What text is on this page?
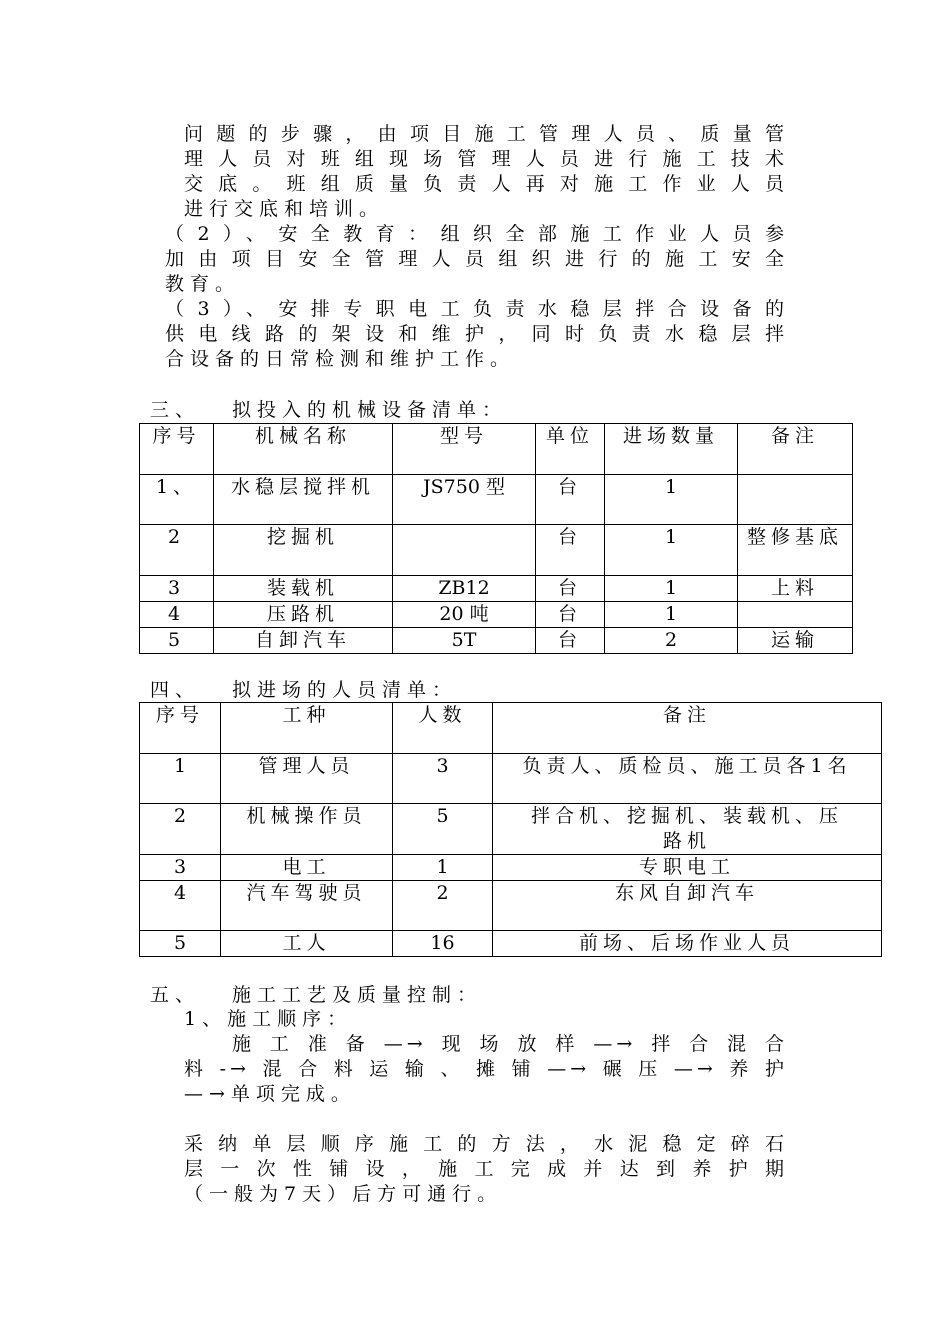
问题的步骤，由项目施工管理人员、质量管
理人员对班组现场管理人员进行施工技术
交底。班组质量负责人再对施工作业人员
进行交底和培训。
（2）、安全教育：组织全部施工作业人员参
加由项目安全管理人员组织进行的施工安全
教育。
（3）、安排专职电工负责水稳层拌合设备的
供电线路的架设和维护，同时负责水稳层拌
合设备的日常检测和维护工作。
三、 拟投入的机械设备清单：
序号	机械名称	型号	单位	进场数量	备注
1、	水稳层搅拌机	JS750 型	台	1	
2	挖掘机		台	1	整修基底
3	装载机	ZB12	台	1	上料
4	压路机	20 吨	台	1	
5	自卸汽车	5T	台	2	运输
四、 拟进场的人员清单：
序号	工种	人数	备注
1	管理人员	3	负责人、质检员、施工员各1名
2	机械操作员	5	拌合机、挖掘机、装载机、压路机
3	电工	1	专职电工
4	汽车驾驶员	2	东风自卸汽车
5	工人	16	前场、后场作业人员
五、 施工工艺及质量控制：
1、施工顺序：
施工准备—→现场放样—→拌合混合
料-→混合料运输、摊铺—→碾压—→养护
—→单项完成。
采纳单层顺序施工的方法，水泥稳定碎石
层一次性铺设，施工完成并达到养护期
（一般为7天）后方可通行。
